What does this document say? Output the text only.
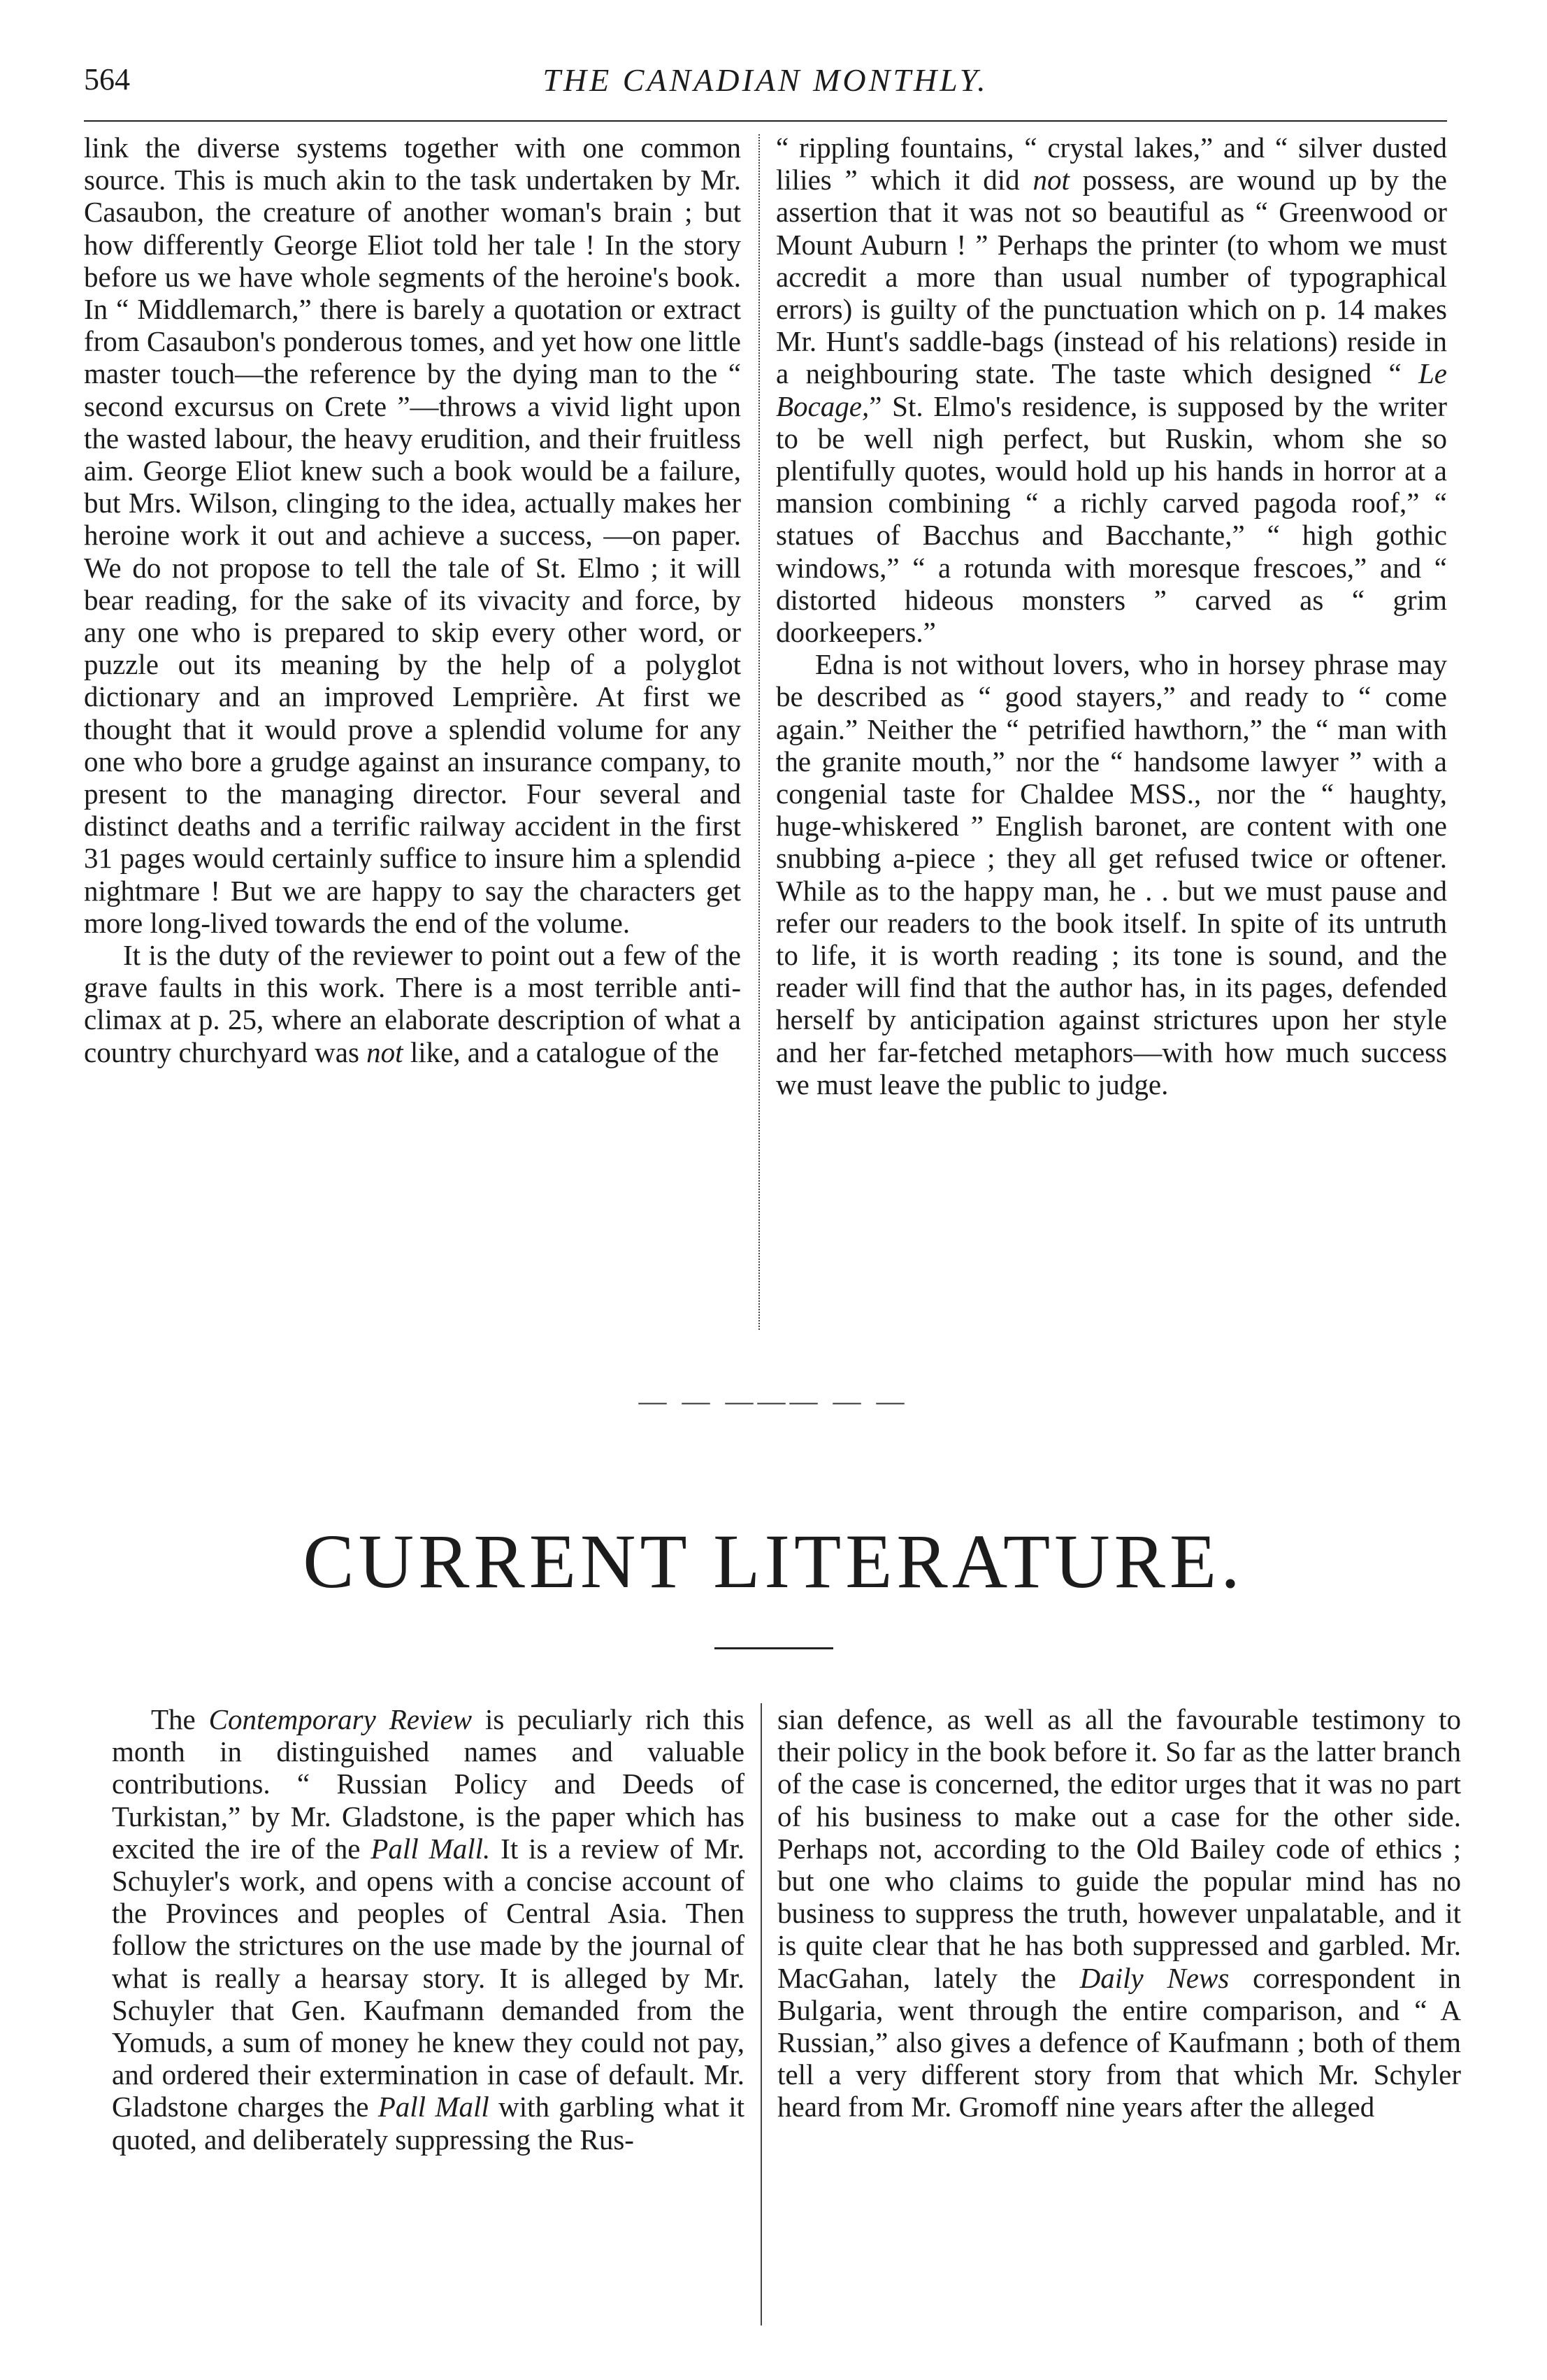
564	THE CANADIAN MONTHLY.

link the diverse systems together with one common source. This is much akin to the task undertaken by Mr. Casaubon, the creature of another woman's brain ; but how differently George Eliot told her tale ! In the story before us we have whole segments of the heroine's book. In “ Middlemarch,” there is barely a quotation or extract from Casaubon's ponderous tomes, and yet how one little master touch—the reference by the dying man to the “ second excursus on Crete ”—throws a vivid light upon the wasted labour, the heavy erudition, and their fruitless aim. George Eliot knew such a book would be a failure, but Mrs. Wilson, clinging to the idea, actually makes her heroine work it out and achieve a success, —on paper. We do not propose to tell the tale of St. Elmo ; it will bear reading, for the sake of its vivacity and force, by any one who is prepared to skip every other word, or puzzle out its meaning by the help of a polyglot dictionary and an improved Lemprière. At first we thought that it would prove a splendid volume for any one who bore a grudge against an insurance company, to present to the managing director. Four several and distinct deaths and a terrific railway accident in the first 31 pages would certainly suffice to insure him a splendid nightmare ! But we are happy to say the characters get more long-lived towards the end of the volume.

It is the duty of the reviewer to point out a few of the grave faults in this work. There is a most terrible anti-climax at p. 25, where an elaborate description of what a country churchyard was not like, and a catalogue of the

“ rippling fountains, “ crystal lakes,” and “ silver dusted lilies ” which it did not possess, are wound up by the assertion that it was not so beautiful as “ Greenwood or Mount Auburn ! ” Perhaps the printer (to whom we must accredit a more than usual number of typographical errors) is guilty of the punctuation which on p. 14 makes Mr. Hunt's saddle-bags (instead of his relations) reside in a neighbouring state. The taste which designed “ Le Bocage,” St. Elmo's residence, is supposed by the writer to be well nigh perfect, but Ruskin, whom she so plentifully quotes, would hold up his hands in horror at a mansion combining “ a richly carved pagoda roof,” “ statues of Bacchus and Bacchante,” “ high gothic windows,” “ a rotunda with moresque frescoes,” and “ distorted hideous monsters ” carved as “ grim doorkeepers.”

Edna is not without lovers, who in horsey phrase may be described as “ good stayers,” and ready to “ come again.” Neither the “ petrified hawthorn,” the “ man with the granite mouth,” nor the “ handsome lawyer ” with a congenial taste for Chaldee MSS., nor the “ haughty, huge-whiskered ” English baronet, are content with one snubbing a-piece ; they all get refused twice or oftener. While as to the happy man, he . . but we must pause and refer our readers to the book itself. In spite of its untruth to life, it is worth reading ; its tone is sound, and the reader will find that the author has, in its pages, defended herself by anticipation against strictures upon her style and her far-fetched metaphors—with how much success we must leave the public to judge.

— — ——— — —
CURRENT LITERATURE.

The Contemporary Review is peculiarly rich this month in distinguished names and valuable contributions. “ Russian Policy and Deeds of Turkistan,” by Mr. Gladstone, is the paper which has excited the ire of the Pall Mall. It is a review of Mr. Schuyler's work, and opens with a concise account of the Provinces and peoples of Central Asia. Then follow the strictures on the use made by the journal of what is really a hearsay story. It is alleged by Mr. Schuyler that Gen. Kaufmann demanded from the Yomuds, a sum of money he knew they could not pay, and ordered their extermination in case of default. Mr. Gladstone charges the Pall Mall with garbling what it quoted, and deliberately suppressing the Rus-

sian defence, as well as all the favourable testimony to their policy in the book before it. So far as the latter branch of the case is concerned, the editor urges that it was no part of his business to make out a case for the other side. Perhaps not, according to the Old Bailey code of ethics ; but one who claims to guide the popular mind has no business to suppress the truth, however unpalatable, and it is quite clear that he has both suppressed and garbled. Mr. MacGahan, lately the Daily News correspondent in Bulgaria, went through the entire comparison, and “ A Russian,” also gives a defence of Kaufmann ; both of them tell a very different story from that which Mr. Schyler heard from Mr. Gromoff nine years after the alleged
